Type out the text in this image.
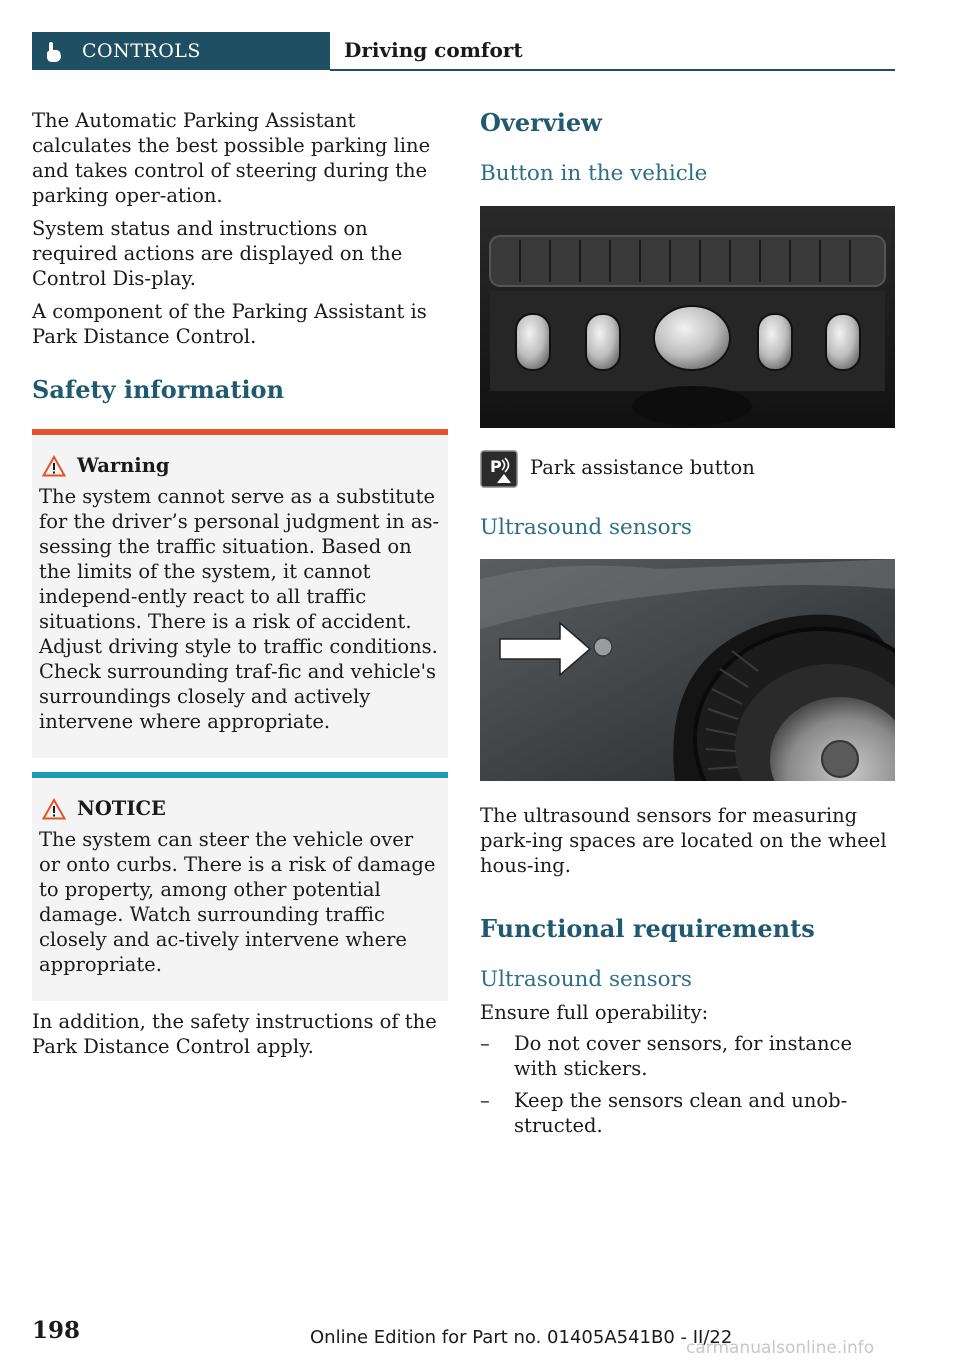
CONTROLS	Driving comfort

The Automatic Parking Assistant calculates the best possible parking line and takes control of steering during the parking oper‐ation.

System status and instructions on required actions are displayed on the Control Dis‐play.

A component of the Parking Assistant is Park Distance Control.

Safety information
Warning

The system cannot serve as a substitute for the driver’s personal judgment in as‐sessing the traffic situation. Based on the limits of the system, it cannot independ‐ently react to all traffic situations. There is a risk of accident. Adjust driving style to traffic conditions. Check surrounding traf‐fic and vehicle's surroundings closely and actively intervene where appropriate.

NOTICE

The system can steer the vehicle over or onto curbs. There is a risk of damage to property, among other potential damage. Watch surrounding traffic closely and ac‐tively intervene where appropriate.

In addition, the safety instructions of the Park Distance Control apply.

Overview
Button in the vehicle
P Park assistance button
Ultrasound sensors

The ultrasound sensors for measuring park‐ing spaces are located on the wheel hous‐ing.

Functional requirements
Ultrasound sensors

Ensure full operability:

– Do not cover sensors, for instance with stickers.
– Keep the sensors clean and unob‐structed.
198	Online Edition for Part no. 01405A541B0 - II/22
carmanualsonline.info
